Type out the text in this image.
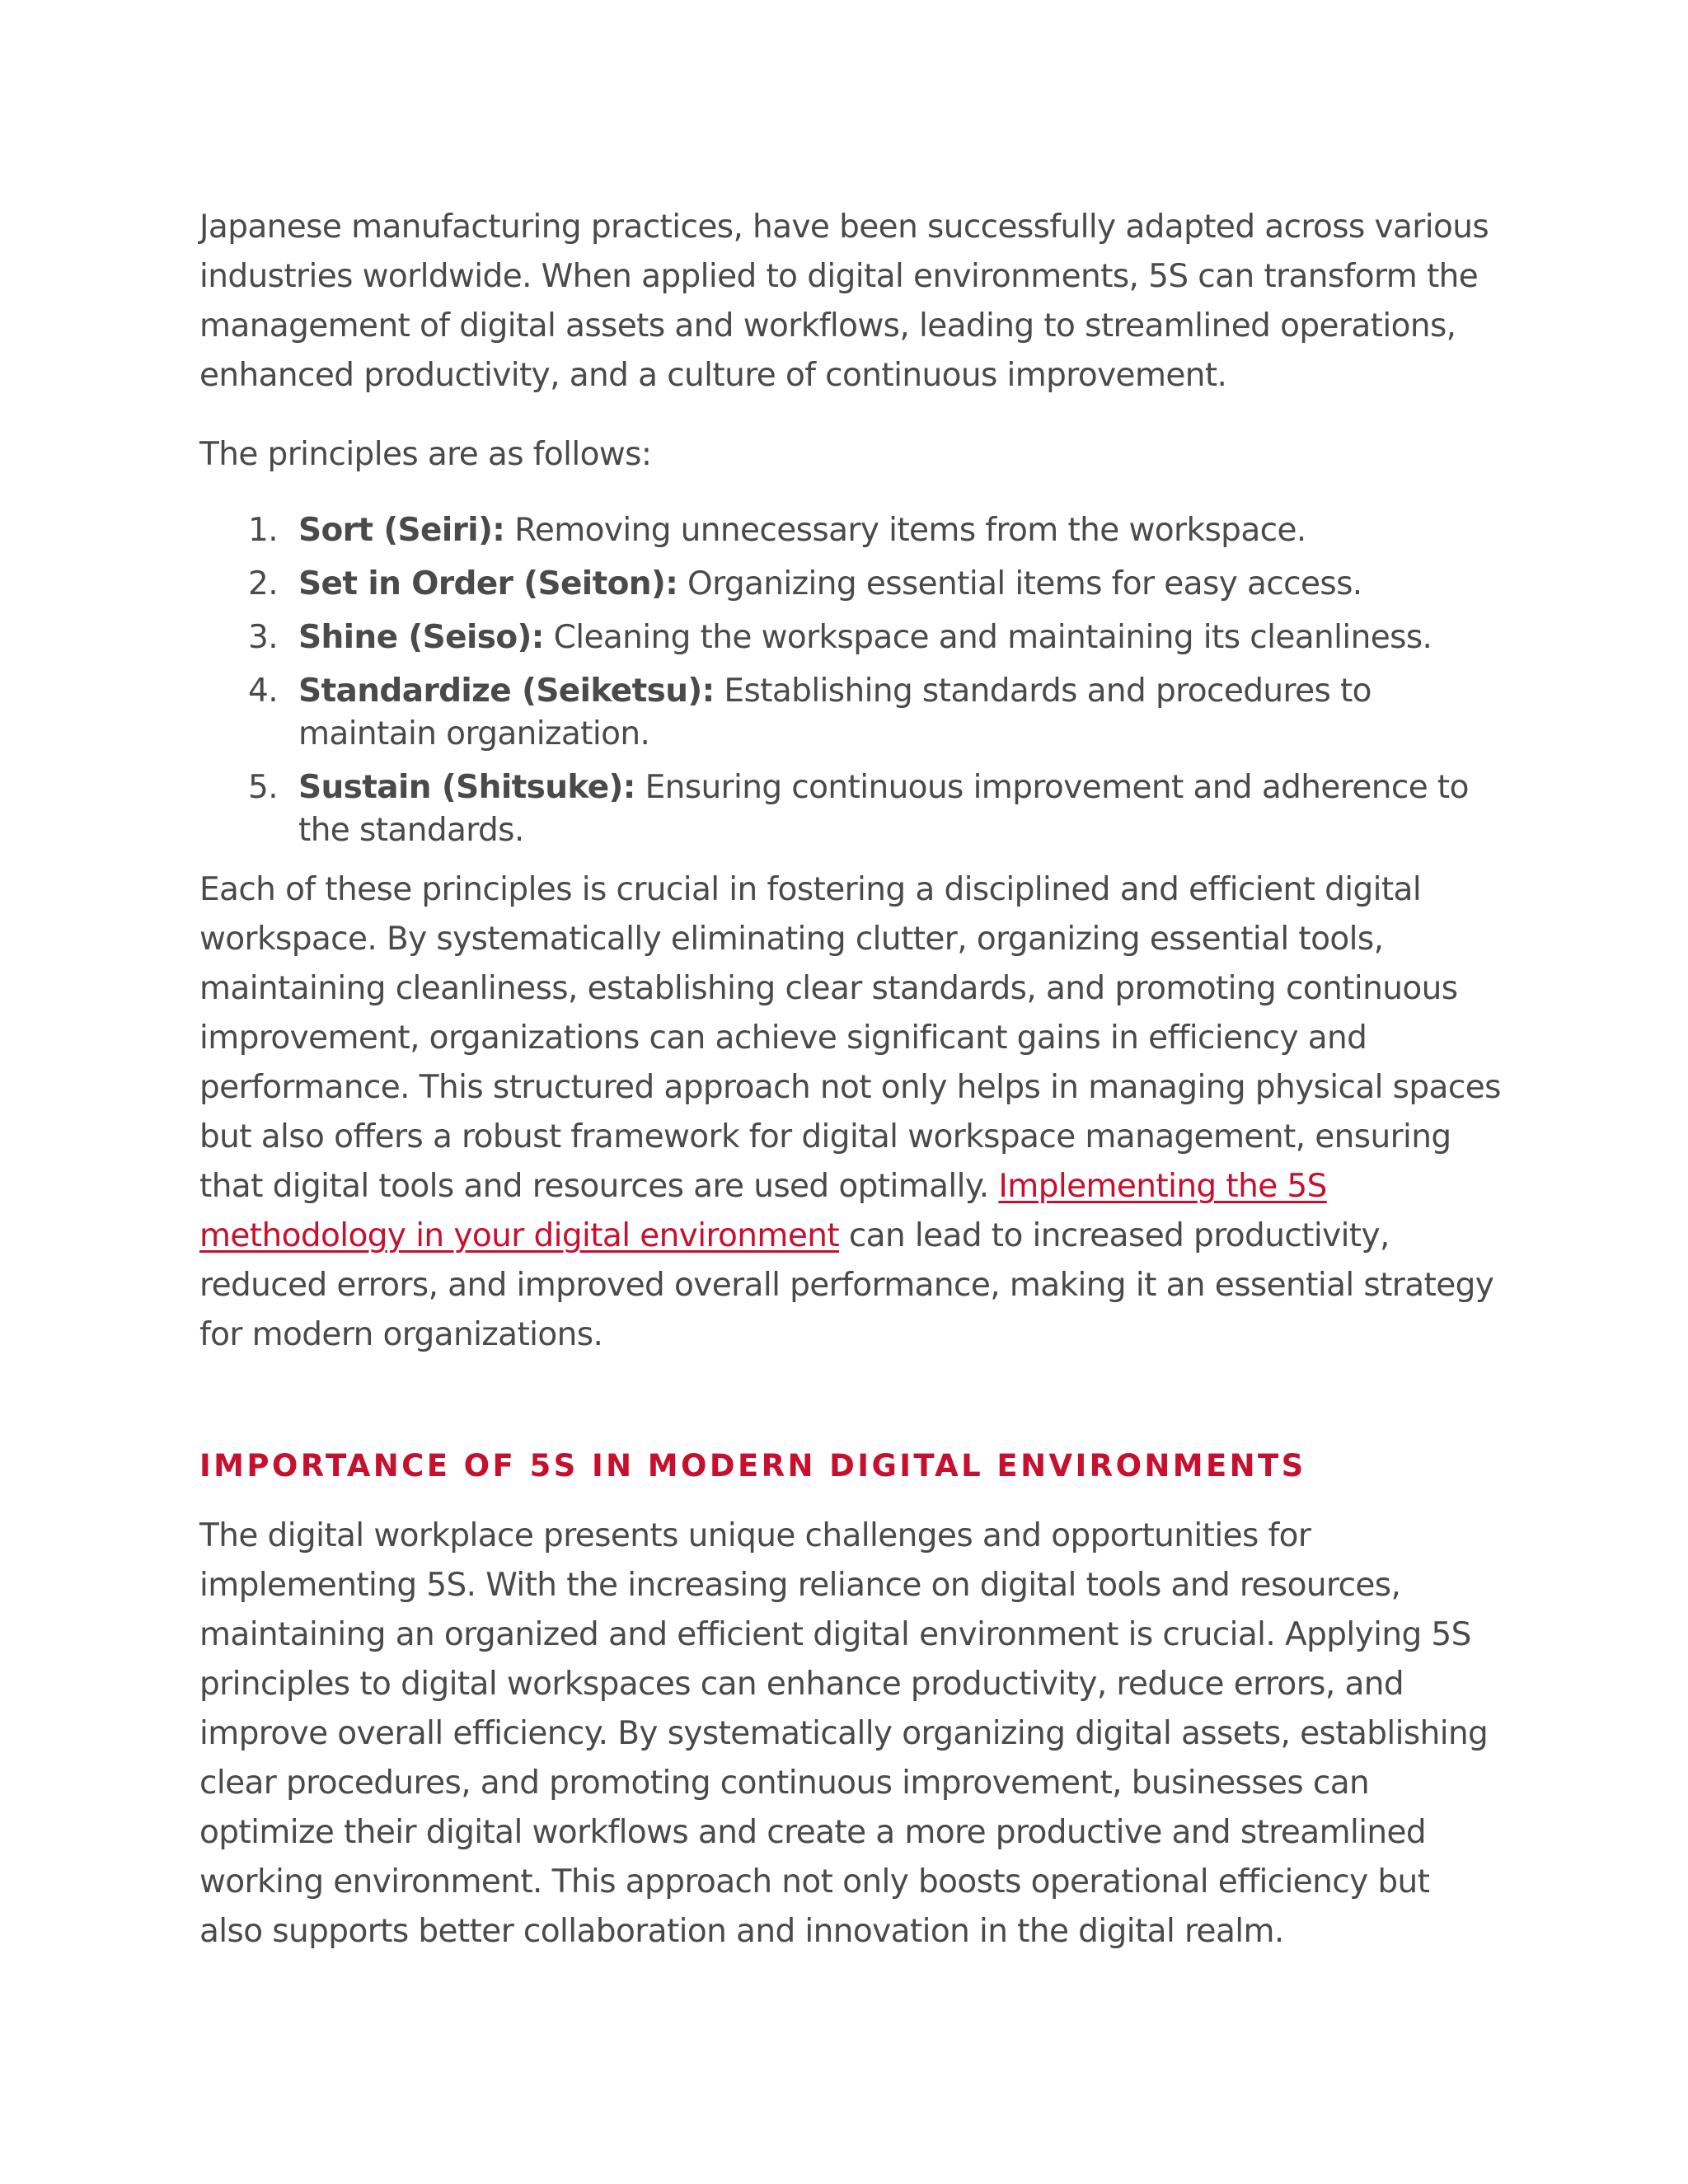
Japanese manufacturing practices, have been successfully adapted across various industries worldwide. When applied to digital environments, 5S can transform the management of digital assets and workflows, leading to streamlined operations, enhanced productivity, and a culture of continuous improvement.

The principles are as follows:

1. Sort (Seiri): Removing unnecessary items from the workspace.
2. Set in Order (Seiton): Organizing essential items for easy access.
3. Shine (Seiso): Cleaning the workspace and maintaining its cleanliness.
4. Standardize (Seiketsu): Establishing standards and procedures to maintain organization.
5. Sustain (Shitsuke): Ensuring continuous improvement and adherence to the standards.

Each of these principles is crucial in fostering a disciplined and efficient digital workspace. By systematically eliminating clutter, organizing essential tools, maintaining cleanliness, establishing clear standards, and promoting continuous improvement, organizations can achieve significant gains in efficiency and performance. This structured approach not only helps in managing physical spaces but also offers a robust framework for digital workspace management, ensuring that digital tools and resources are used optimally. Implementing the 5S methodology in your digital environment can lead to increased productivity, reduced errors, and improved overall performance, making it an essential strategy for modern organizations.

IMPORTANCE OF 5S IN MODERN DIGITAL ENVIRONMENTS

The digital workplace presents unique challenges and opportunities for implementing 5S. With the increasing reliance on digital tools and resources, maintaining an organized and efficient digital environment is crucial. Applying 5S principles to digital workspaces can enhance productivity, reduce errors, and improve overall efficiency. By systematically organizing digital assets, establishing clear procedures, and promoting continuous improvement, businesses can optimize their digital workflows and create a more productive and streamlined working environment. This approach not only boosts operational efficiency but also supports better collaboration and innovation in the digital realm.
